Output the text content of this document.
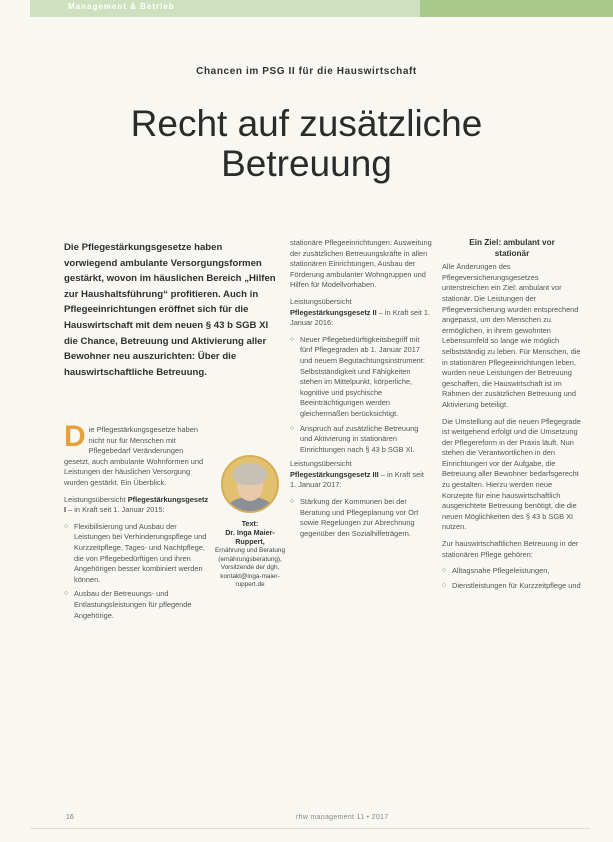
Management & Betrieb
Chancen im PSG II für die Hauswirtschaft
Recht auf zusätzliche
Betreuung
Die Pflegestärkungsgesetze haben vorwiegend ambulante Versorgungsformen gestärkt, wovon im häuslichen Bereich „Hilfen zur Haushaltsführung“ profitieren. Auch in Pflegeeinrichtungen eröffnet sich für die Hauswirtschaft mit dem neuen § 43 b SGB XI die Chance, Betreuung und Aktivierung aller Bewohner neu auszurichten: Über die hauswirtschaftliche Betreuung.

Die Pflegestärkungsgesetze haben nicht nur für Menschen mit Pflegebedarf Veränderungen gesetzt, auch ambulante Wohnformen und Leistungen der häuslichen Versorgung wurden gestärkt. Ein Überblick.

Leistungsübersicht Pflegestärkungsgesetz I – in Kraft seit 1. Januar 2015:

○ Flexibilisierung und Ausbau der Leistungen bei Verhinderungspflege und Kurzzeitpflege, Tages- und Nachtpflege, die von Pflegebedürftigen und ihren Angehörigen besser kombiniert werden können.
○ Ausbau der Betreuungs- und Entlastungsleistungen für pflegende Angehörige.
Text:
Dr. Inga Maier-Ruppert,
Ernährung und Beratung (ernährungsberatung), Vorsitzende der dgh, kontakt@inga-maier-ruppert.de

stationäre Pflegeeinrichtungen: Ausweitung der zusätzlichen Betreuungskräfte in allen stationären Einrichtungen, Ausbau der Förderung ambulanter Wohngruppen und Hilfen für Modellvorhaben.

Leistungsübersicht Pflegestärkungsgesetz II – in Kraft seit 1. Januar 2016:

○ Neuer Pflegebedürftigkeitsbegriff mit fünf Pflegegraden ab 1. Januar 2017 und neuem Begutachtungsinstrument: Selbstständigkeit und Fähigkeiten stehen im Mittelpunkt, körperliche, kognitive und psychische Beeinträchtigungen werden gleichermaßen berücksichtigt.
○ Anspruch auf zusätzliche Betreuung und Aktivierung in stationären Einrichtungen nach § 43 b SGB XI.

Leistungsübersicht Pflegestärkungsgesetz III – in Kraft seit 1. Januar 2017:

○ Stärkung der Kommunen bei der Beratung und Pflegeplanung vor Ort sowie Regelungen zur Abrechnung gegenüber den Sozialhilfeträgern.
Ein Ziel: ambulant vor
stationär

Alle Änderungen des Pflegeversicherungsgesetzes unterstreichen ein Ziel: ambulant vor stationär. Die Leistungen der Pflegeversicherung wurden entsprechend angepasst, um den Menschen zu ermöglichen, in ihrem gewohnten Lebensumfeld so lange wie möglich selbstständig zu leben. Für Menschen, die in stationären Pflegeeinrichtungen leben, wurden neue Leistungen der Betreuung geschaffen, die Hauswirtschaft ist im Rahmen der zusätzlichen Betreuung und Aktivierung beteiligt.

Die Umstellung auf die neuen Pflegegrade ist weitgehend erfolgt und die Umsetzung der Pflegereform in der Praxis läuft. Nun stehen die Verantwortlichen in den Einrichtungen vor der Aufgabe, die Betreuung aller Bewohner bedarfsgerecht zu gestalten. Hierzu werden neue Konzepte für eine hauswirtschaftlich ausgerichtete Betreuung benötigt, die die neuen Möglichkeiten des § 43 b SGB XI nutzen.

Zur hauswirtschaftlichen Betreuung in der stationären Pflege gehören:

○ Alltagsnahe Pflegeleistungen,
○ Dienstleistungen für Kurzzeitpflege und
16	rhw management 11 • 2017
